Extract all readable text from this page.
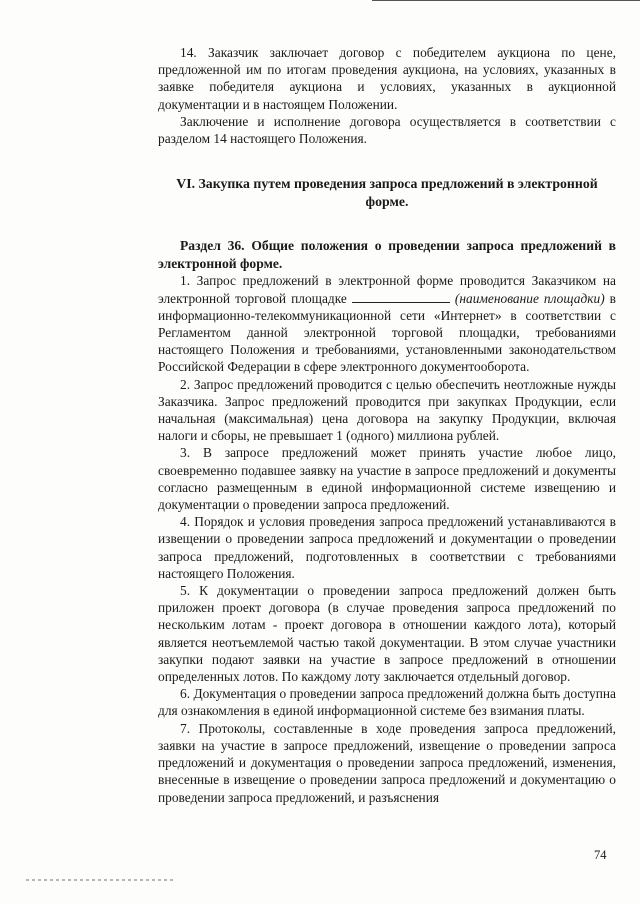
14. Заказчик заключает договор с победителем аукциона по цене, предложенной им по итогам проведения аукциона, на условиях, указанных в заявке победителя аукциона и условиях, указанных в аукционной документации и в настоящем Положении.

Заключение и исполнение договора осуществляется в соответствии с разделом 14 настоящего Положения.

VI. Закупка путем проведения запроса предложений в электронной форме.
Раздел 36. Общие положения о проведении запроса предложений в электронной форме.

1. Запрос предложений в электронной форме проводится Заказчиком на электронной торговой площадке	(наименование площадки) в информационно-телекоммуникационной сети «Интернет» в соответствии с Регламентом данной электронной торговой площадки, требованиями настоящего Положения и требованиями, установленными законодательством Российской Федерации в сфере электронного документооборота.

2. Запрос предложений проводится с целью обеспечить неотложные нужды Заказчика. Запрос предложений проводится при закупках Продукции, если начальная (максимальная) цена договора на закупку Продукции, включая налоги и сборы, не превышает 1 (одного) миллиона рублей.

3. В запросе предложений может принять участие любое лицо, своевременно подавшее заявку на участие в запросе предложений и документы согласно размещенным в единой информационной системе извещению и документации о проведении запроса предложений.

4. Порядок и условия проведения запроса предложений устанавливаются в извещении о проведении запроса предложений и документации о проведении запроса предложений, подготовленных в соответствии с требованиями настоящего Положения.

5. К документации о проведении запроса предложений должен быть приложен проект договора (в случае проведения запроса предложений по нескольким лотам - проект договора в отношении каждого лота), который является неотъемлемой частью такой документации. В этом случае участники закупки подают заявки на участие в запросе предложений в отношении определенных лотов. По каждому лоту заключается отдельный договор.

6. Документация о проведении запроса предложений должна быть доступна для ознакомления в единой информационной системе без взимания платы.

7. Протоколы, составленные в ходе проведения запроса предложений, заявки на участие в запросе предложений, извещение о проведении запроса предложений и документация о проведении запроса предложений, изменения, внесенные в извещение о проведении запроса предложений и документацию о проведении запроса предложений, и разъяснения

74
